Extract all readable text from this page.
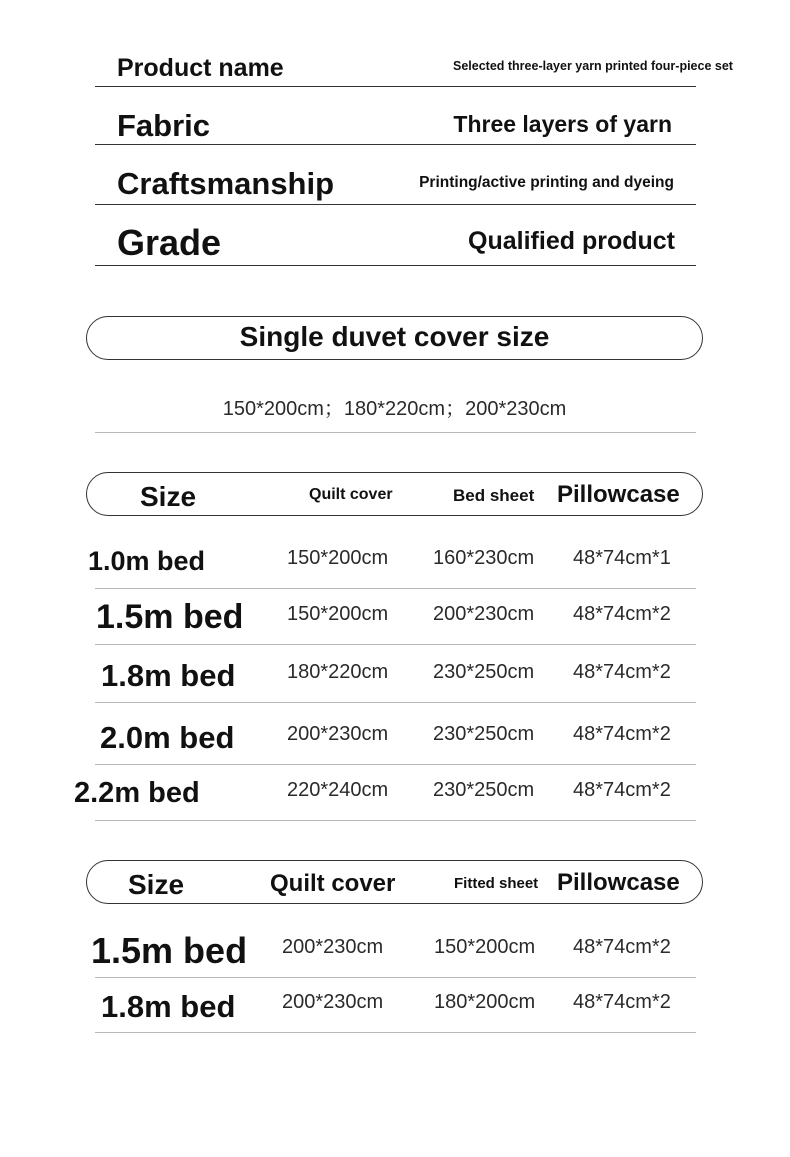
Product name	Selected three-layer yarn printed four-piece set
Fabric	Three layers of yarn
Craftsmanship	Printing/active printing and dyeing
Grade	Qualified product
Single duvet cover size
150*200cm；180*220cm；200*230cm
Size	Quilt cover	Bed sheet Pillowcase
1.0m bed	150*200cm 160*230cm 48*74cm*1
1.5m bed 150*200cm 200*230cm 48*74cm*2
1.8m bed	180*220cm 230*250cm 48*74cm*2
2.0m bed	200*230cm 230*250cm 48*74cm*2
2.2m bed	220*240cm 230*250cm 48*74cm*2
Size	Quilt cover	Fitted sheet Pillowcase
1.5m bed 200*230cm	150*200cm 48*74cm*2
1.8m bed 200*230cm	180*200cm 48*74cm*2
